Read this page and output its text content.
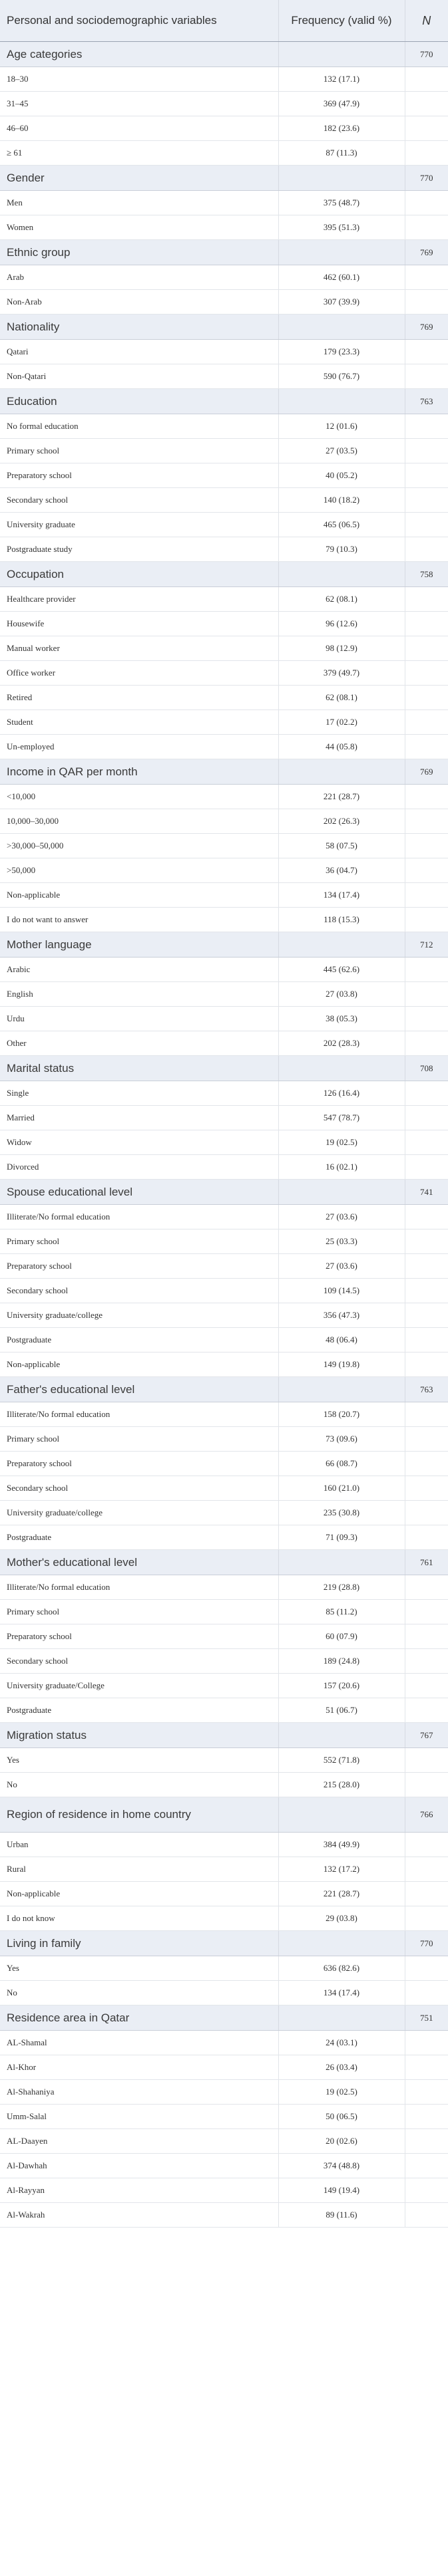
Personal and sociodemographic variables	Frequency (valid %)	N
Age categories		770
18–30	132 (17.1)	
31–45	369 (47.9)	
46–60	182 (23.6)	
≥ 61	87 (11.3)	
Gender		770
Men	375 (48.7)	
Women	395 (51.3)	
Ethnic group		769
Arab	462 (60.1)	
Non-Arab	307 (39.9)	
Nationality		769
Qatari	179 (23.3)	
Non-Qatari	590 (76.7)	
Education		763
No formal education	12 (01.6)	
Primary school	27 (03.5)	
Preparatory school	40 (05.2)	
Secondary school	140 (18.2)	
University graduate	465 (06.5)	
Postgraduate study	79 (10.3)	
Occupation		758
Healthcare provider	62 (08.1)	
Housewife	96 (12.6)	
Manual worker	98 (12.9)	
Office worker	379 (49.7)	
Retired	62 (08.1)	
Student	17 (02.2)	
Un-employed	44 (05.8)	
Income in QAR per month		769
<10,000	221 (28.7)	
10,000–30,000	202 (26.3)	
>30,000–50,000	58 (07.5)	
>50,000	36 (04.7)	
Non-applicable	134 (17.4)	
I do not want to answer	118 (15.3)	
Mother language		712
Arabic	445 (62.6)	
English	27 (03.8)	
Urdu	38 (05.3)	
Other	202 (28.3)	
Marital status		708
Single	126 (16.4)	
Married	547 (78.7)	
Widow	19 (02.5)	
Divorced	16 (02.1)	
Spouse educational level		741
Illiterate/No formal education	27 (03.6)	
Primary school	25 (03.3)	
Preparatory school	27 (03.6)	
Secondary school	109 (14.5)	
University graduate/college	356 (47.3)	
Postgraduate	48 (06.4)	
Non-applicable	149 (19.8)	
Father's educational level		763
Illiterate/No formal education	158 (20.7)	
Primary school	73 (09.6)	
Preparatory school	66 (08.7)	
Secondary school	160 (21.0)	
University graduate/college	235 (30.8)	
Postgraduate	71 (09.3)	
Mother's educational level		761
Illiterate/No formal education	219 (28.8)	
Primary school	85 (11.2)	
Preparatory school	60 (07.9)	
Secondary school	189 (24.8)	
University graduate/College	157 (20.6)	
Postgraduate	51 (06.7)	
Migration status		767
Yes	552 (71.8)	
No	215 (28.0)	
Region of residence in home country		766
Urban	384 (49.9)	
Rural	132 (17.2)	
Non-applicable	221 (28.7)	
I do not know	29 (03.8)	
Living in family		770
Yes	636 (82.6)	
No	134 (17.4)	
Residence area in Qatar		751
AL-Shamal	24 (03.1)	
Al-Khor	26 (03.4)	
Al-Shahaniya	19 (02.5)	
Umm-Salal	50 (06.5)	
AL-Daayen	20 (02.6)	
Al-Dawhah	374 (48.8)	
Al-Rayyan	149 (19.4)	
Al-Wakrah	89 (11.6)	
